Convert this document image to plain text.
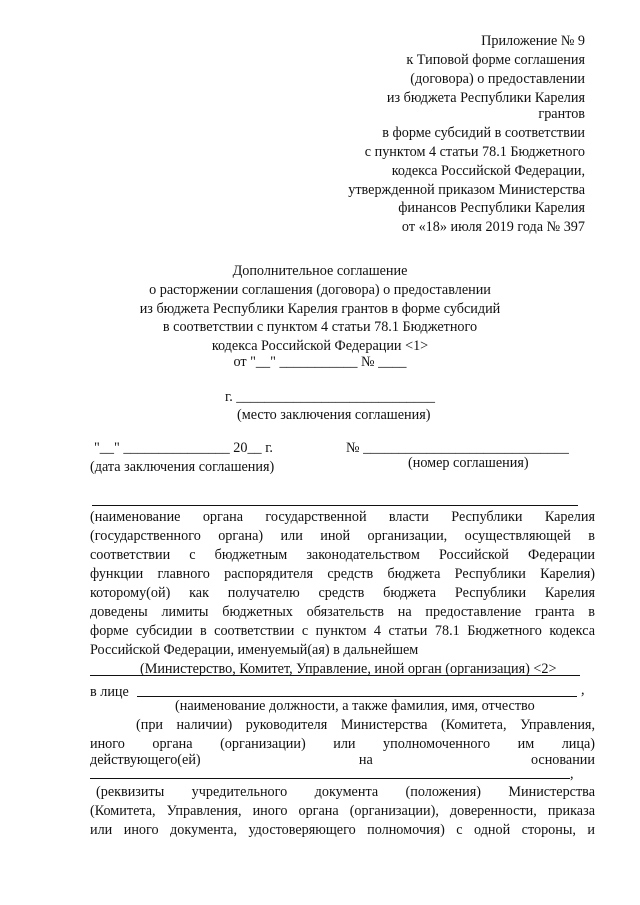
Приложение № 9
к Типовой форме соглашения
(договора) о предоставлении
из бюджета Республики Карелия
грантов
в форме субсидий в соответствии
с пунктом 4 статьи 78.1 Бюджетного
кодекса Российской Федерации,
утвержденной приказом Министерства
финансов Республики Карелия
от «18» июля 2019 года № 397
Дополнительное соглашение
о расторжении соглашения (договора) о предоставлении
из бюджета Республики Карелия грантов в форме субсидий
в соответствии с пунктом 4 статьи 78.1 Бюджетного
кодекса Российской Федерации <1>
от "__" ___________ № ____
г. ____________________________
(место заключения соглашения)
"__" _______________ 20__ г.	№ _____________________________
(дата заключения соглашения)	(номер соглашения)
(наименование органа государственной власти Республики Карелия
(государственного органа) или иной организации, осуществляющей в
соответствии с бюджетным законодательством Российской Федерации
функции главного распорядителя средств бюджета Республики Карелия)
которому(ой) как получателю средств бюджета Республики Карелия
доведены лимиты бюджетных обязательств на предоставление гранта в
форме субсидии в соответствии с пунктом 4 статьи 78.1 Бюджетного кодекса
Российской Федерации, именуемый(ая) в дальнейшем
(Министерство, Комитет, Управление, иной орган (организация) <2>
в лице	,
(наименование должности, а также фамилия, имя, отчество
(при наличии) руководителя Министерства (Комитета, Управления,
иного органа (организации) или уполномоченного им лица)
действующего(ей) на основании
,
(реквизиты учредительного документа (положения) Министерства
(Комитета, Управления, иного органа (организации), доверенности, приказа
или иного документа, удостоверяющего полномочия) с одной стороны, и
